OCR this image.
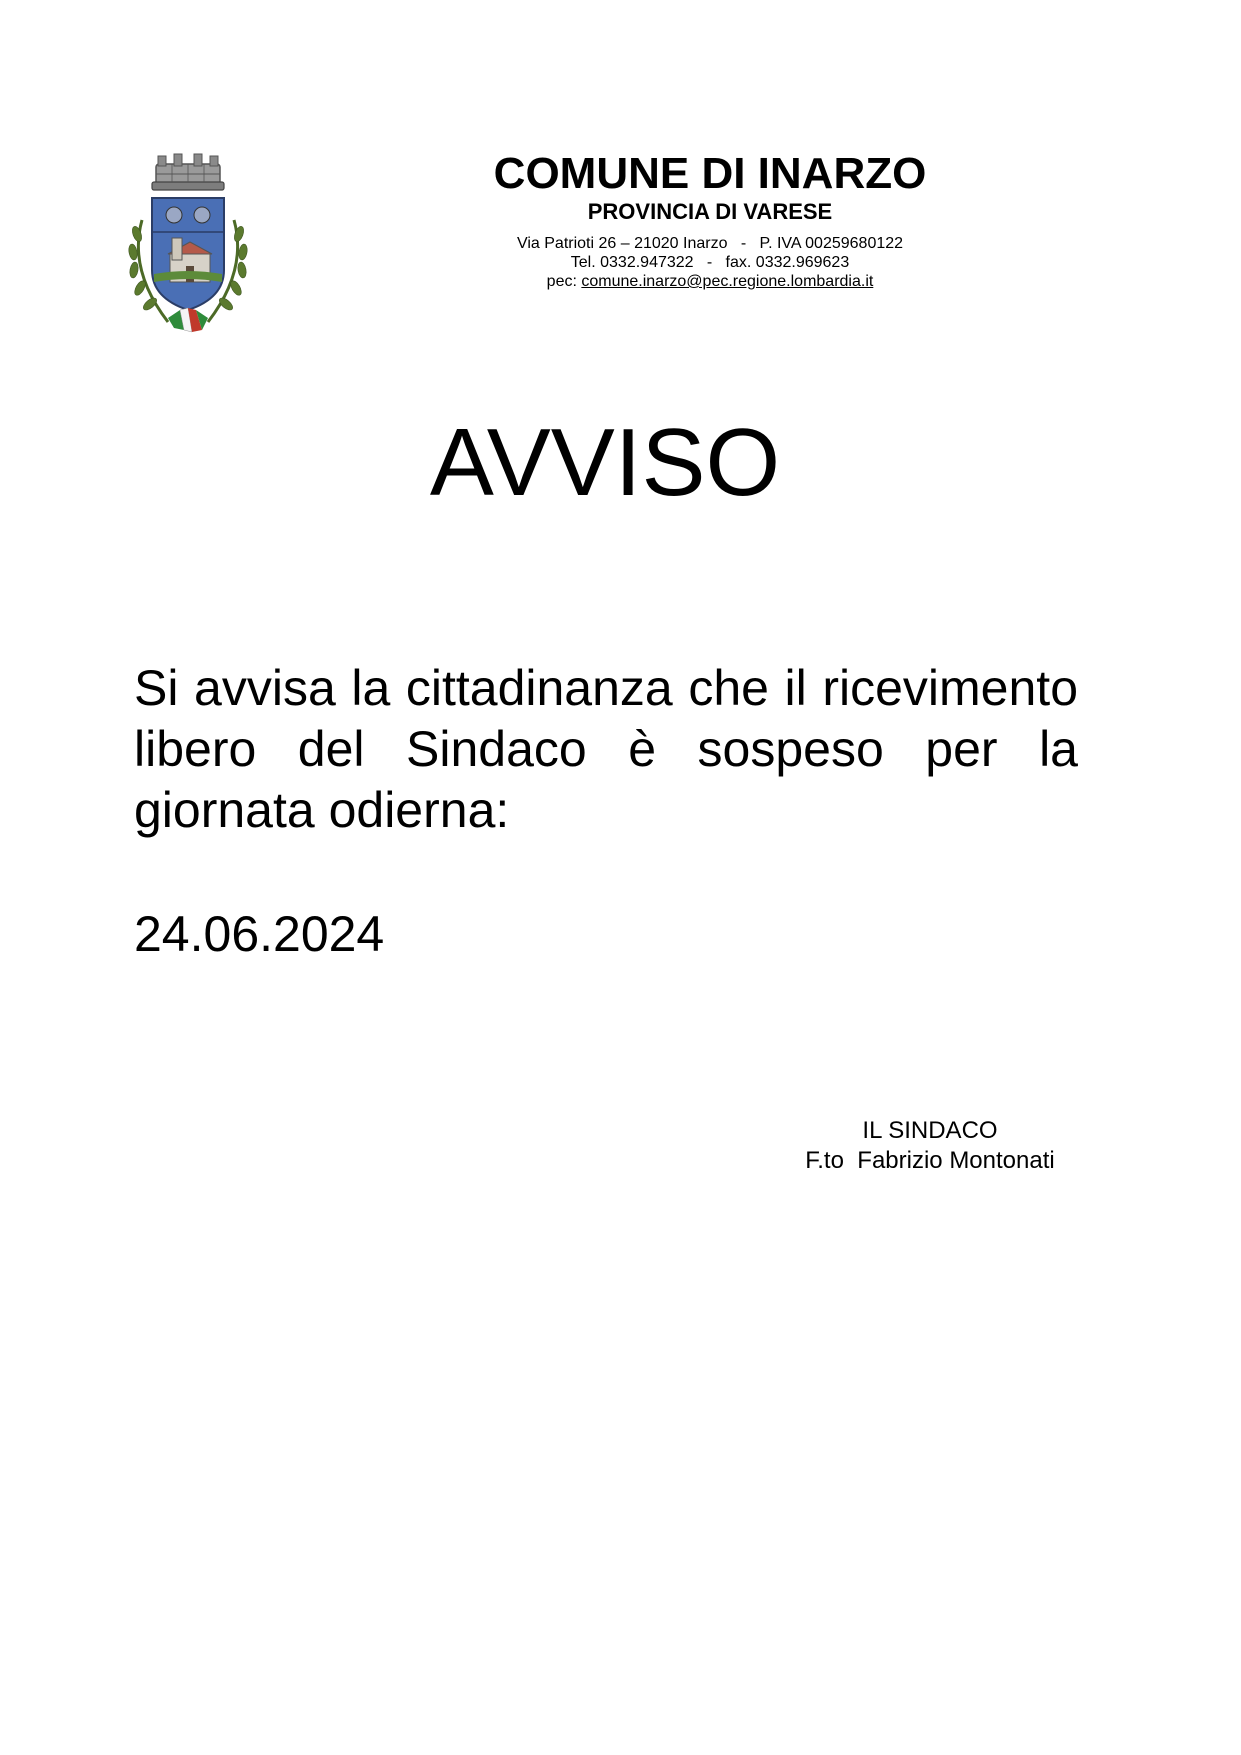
COMUNE DI INARZO
PROVINCIA DI VARESE
Via Patrioti 26 – 21020 Inarzo   -   P. IVA 00259680122
Tel. 0332.947322   -   fax. 0332.969623
pec: comune.inarzo@pec.regione.lombardia.it
AVVISO

Si avvisa la cittadinanza che il ricevimento libero del Sindaco è sospeso per la giornata odierna:

24.06.2024
IL SINDACO
F.to  Fabrizio Montonati
